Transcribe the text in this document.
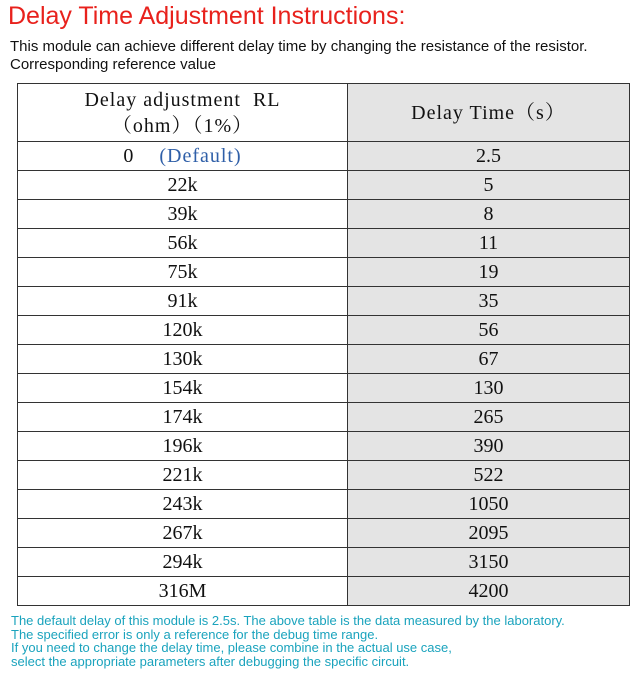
Delay Time Adjustment Instructions:
This module can achieve different delay time by changing the resistance of the resistor.
Corresponding reference value
Delay adjustment  RL
（ohm）（1%）	Delay Time（s）
0 (Default)	2.5
22k	5
39k	8
56k	11
75k	19
91k	35
120k	56
130k	67
154k	130
174k	265
196k	390
221k	522
243k	1050
267k	2095
294k	3150
316M	4200
The default delay of this module is 2.5s. The above table is the data measured by the laboratory.
The specified error is only a reference for the debug time range.
If you need to change the delay time, please combine in the actual use case,
select the appropriate parameters after debugging the specific circuit.
